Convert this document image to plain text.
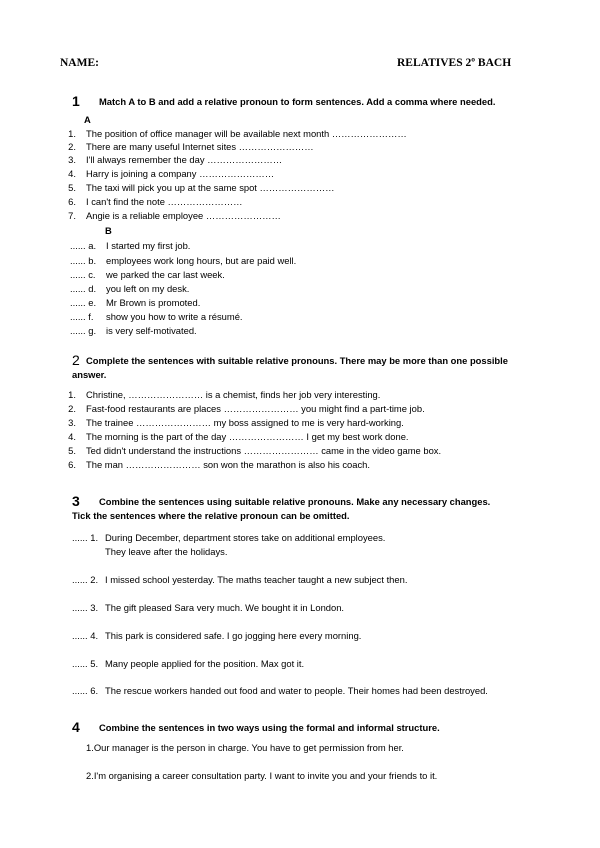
NAME:	RELATIVES 2º BACH
1 Match A to B and add a relative pronoun to form sentences. Add a comma where needed.
A
1. The position of office manager will be available next month ……………………
2. There are many useful Internet sites ……………………
3. I'll always remember the day ……………………
4. Harry is joining a company ……………………
5. The taxi will pick you up at the same spot ……………………
6. I can't find the note ……………………
7. Angie is a reliable employee ……………………
B
...... a. I started my first job.
...... b. employees work long hours, but are paid well.
...... c. we parked the car last week.
...... d. you left on my desk.
...... e. Mr Brown is promoted.
...... f. show you how to write a résumé.
...... g. is very self-motivated.
2 Complete the sentences with suitable relative pronouns. There may be more than one possible
answer.
1. Christine, …………………… is a chemist, finds her job very interesting.
2. Fast-food restaurants are places …………………… you might find a part-time job.
3. The trainee …………………… my boss assigned to me is very hard-working.
4. The morning is the part of the day …………………… I get my best work done.
5. Ted didn't understand the instructions …………………… came in the video game box.
6. The man …………………… son won the marathon is also his coach.
3 Combine the sentences using suitable relative pronouns. Make any necessary changes.
Tick the sentences where the relative pronoun can be omitted.
...... 1. During December, department stores take on additional employees.
They leave after the holidays.
...... 2. I missed school yesterday. The maths teacher taught a new subject then.
...... 3. The gift pleased Sara very much. We bought it in London.
...... 4. This park is considered safe. I go jogging here every morning.
...... 5. Many people applied for the position. Max got it.
...... 6. The rescue workers handed out food and water to people. Their homes had been destroyed.
4 Combine the sentences in two ways using the formal and informal structure.
1.Our manager is the person in charge. You have to get permission from her.
2.I'm organising a career consultation party. I want to invite you and your friends to it.
